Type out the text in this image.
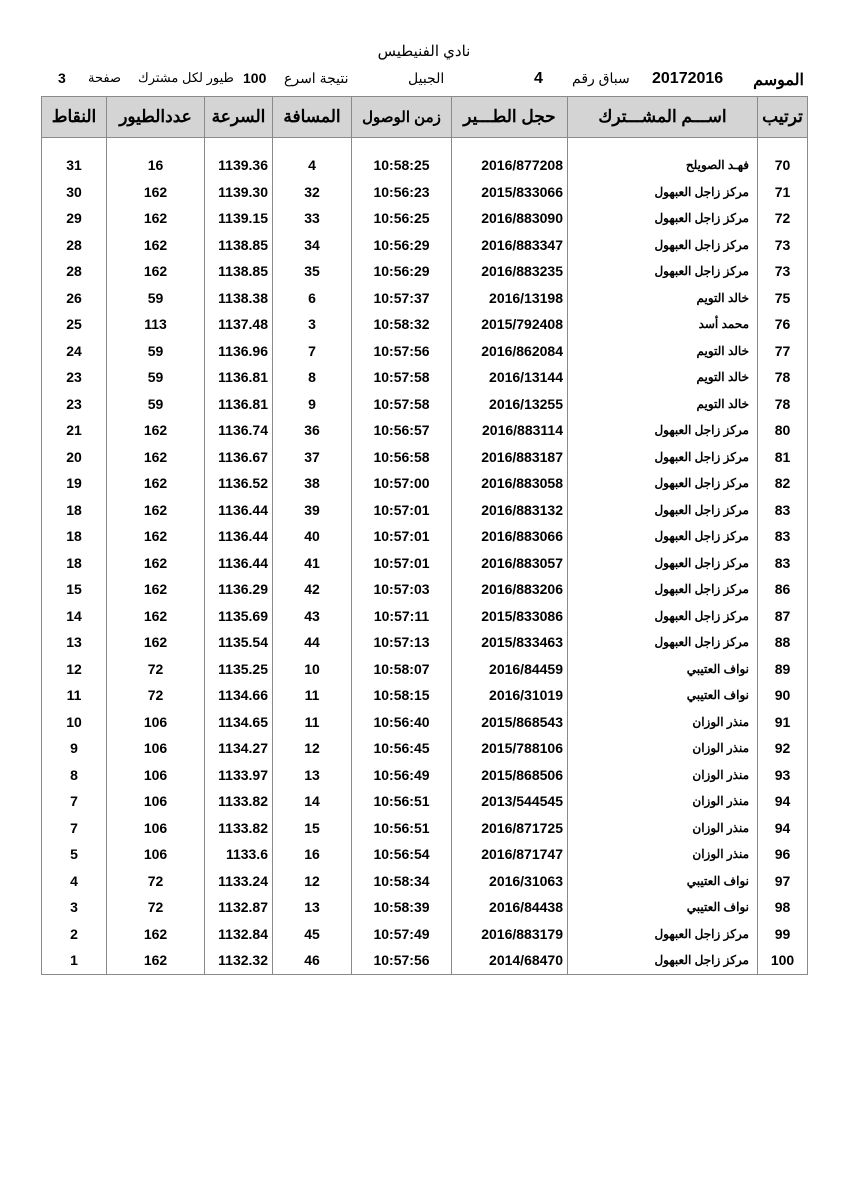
نادي الفنيطيس
الموسم
20172016
سباق رقم
4
الجبيل
نتيجة اسرع
100
طيور لكل مشترك
صفحة
3
النقاط	عددالطيور	السرعة	المسافة	زمن الوصول	حجل الطـــير	اســـم المشـــترك	ترتيب

31	16	1139.36	4	10:58:25	2016/877208	فهـد الصويلح	70
30	162	1139.30	32	10:56:23	2015/833066	مركز زاجل العبهول	71
29	162	1139.15	33	10:56:25	2016/883090	مركز زاجل العبهول	72
28	162	1138.85	34	10:56:29	2016/883347	مركز زاجل العبهول	73
28	162	1138.85	35	10:56:29	2016/883235	مركز زاجل العبهول	73
26	59	1138.38	6	10:57:37	2016/13198	خالد التويم	75
25	113	1137.48	3	10:58:32	2015/792408	محمد أسد	76
24	59	1136.96	7	10:57:56	2016/862084	خالد التويم	77
23	59	1136.81	8	10:57:58	2016/13144	خالد التويم	78
23	59	1136.81	9	10:57:58	2016/13255	خالد التويم	78
21	162	1136.74	36	10:56:57	2016/883114	مركز زاجل العبهول	80
20	162	1136.67	37	10:56:58	2016/883187	مركز زاجل العبهول	81
19	162	1136.52	38	10:57:00	2016/883058	مركز زاجل العبهول	82
18	162	1136.44	39	10:57:01	2016/883132	مركز زاجل العبهول	83
18	162	1136.44	40	10:57:01	2016/883066	مركز زاجل العبهول	83
18	162	1136.44	41	10:57:01	2016/883057	مركز زاجل العبهول	83
15	162	1136.29	42	10:57:03	2016/883206	مركز زاجل العبهول	86
14	162	1135.69	43	10:57:11	2015/833086	مركز زاجل العبهول	87
13	162	1135.54	44	10:57:13	2015/833463	مركز زاجل العبهول	88
12	72	1135.25	10	10:58:07	2016/84459	نواف العتيبي	89
11	72	1134.66	11	10:58:15	2016/31019	نواف العتيبي	90
10	106	1134.65	11	10:56:40	2015/868543	منذر الوزان	91
9	106	1134.27	12	10:56:45	2015/788106	منذر الوزان	92
8	106	1133.97	13	10:56:49	2015/868506	منذر الوزان	93
7	106	1133.82	14	10:56:51	2013/544545	منذر الوزان	94
7	106	1133.82	15	10:56:51	2016/871725	منذر الوزان	94
5	106	1133.6	16	10:56:54	2016/871747	منذر الوزان	96
4	72	1133.24	12	10:58:34	2016/31063	نواف العتيبي	97
3	72	1132.87	13	10:58:39	2016/84438	نواف العتيبي	98
2	162	1132.84	45	10:57:49	2016/883179	مركز زاجل العبهول	99
1	162	1132.32	46	10:57:56	2014/68470	مركز زاجل العبهول	100
